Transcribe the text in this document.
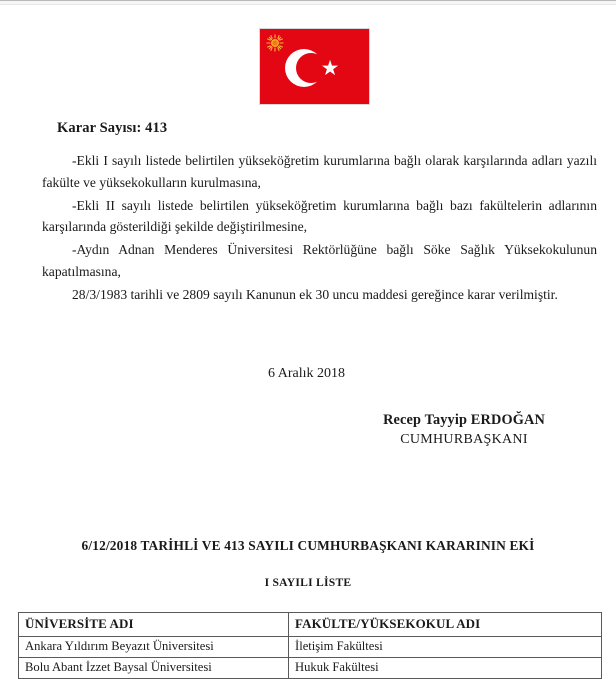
★
Karar Sayısı: 413

-Ekli I sayılı listede belirtilen yükseköğretim kurumlarına bağlı olarak karşılarında adları yazılı fakülte ve yüksekokulların kurulmasına,

-Ekli II sayılı listede belirtilen yükseköğretim kurumlarına bağlı bazı fakültelerin adlarının karşılarında gösterildiği şekilde değiştirilmesine,

-Aydın Adnan Menderes Üniversitesi Rektörlüğüne bağlı Söke Sağlık Yüksekokulunun kapatılmasına,

28/3/1983 tarihli ve 2809 sayılı Kanunun ek 30 uncu maddesi gereğince karar verilmiştir.

6 Aralık 2018
Recep Tayyip ERDOĞAN
CUMHURBAŞKANI
6/12/2018 TARİHLİ VE 413 SAYILI CUMHURBAŞKANI KARARININ EKİ
I SAYILI LİSTE
ÜNİVERSİTE ADI	FAKÜLTE/YÜKSEKOKUL ADI
Ankara Yıldırım Beyazıt Üniversitesi	İletişim Fakültesi
Bolu Abant İzzet Baysal Üniversitesi	Hukuk Fakültesi
